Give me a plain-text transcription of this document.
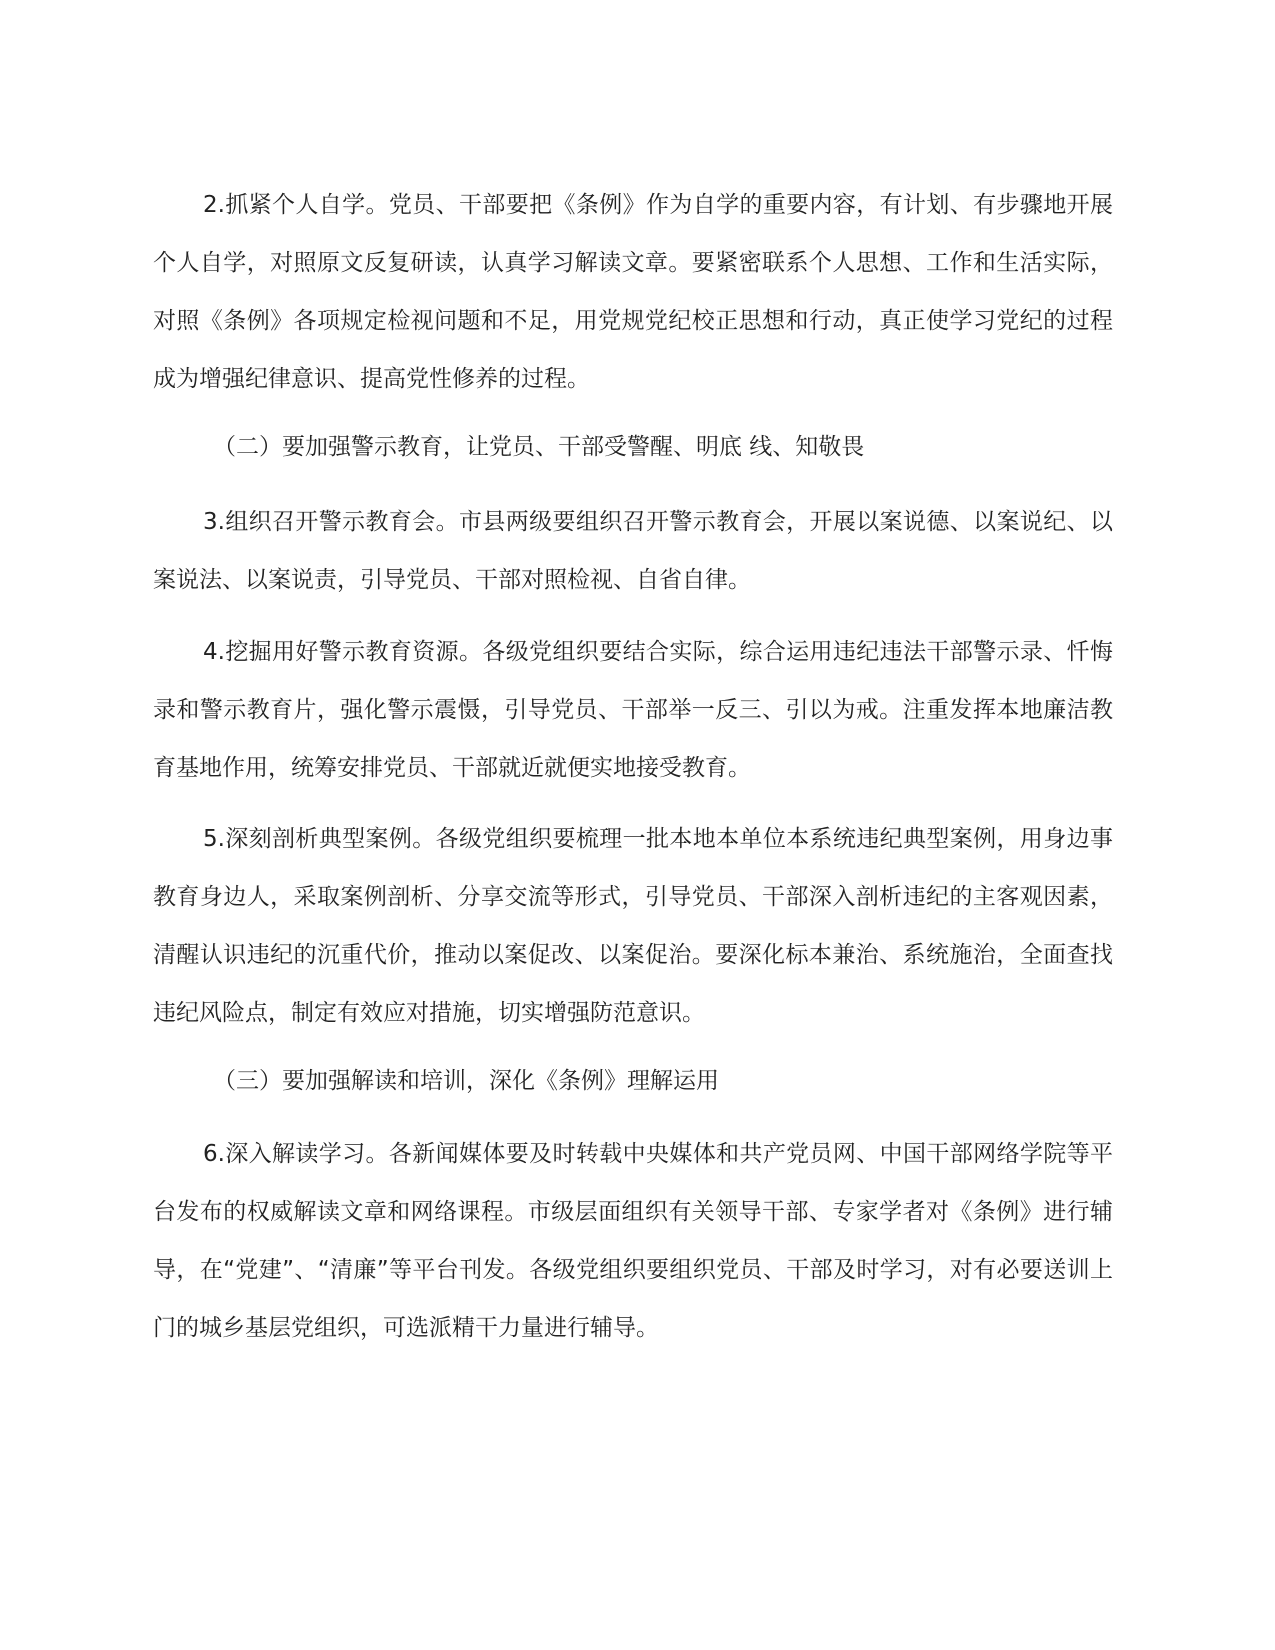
2.抓紧个人自学。党员、干部要把《条例》作为自学的重要内容，有计划、有步骤地开展个人自学，对照原文反复研读，认真学习解读文章。要紧密联系个人思想、工作和生活实际，对照《条例》各项规定检视问题和不足，用党规党纪校正思想和行动，真正使学习党纪的过程成为增强纪律意识、提高党性修养的过程。

（二）要加强警示教育，让党员、干部受警醒、明底 线、知敬畏

3.组织召开警示教育会。市县两级要组织召开警示教育会，开展以案说德、以案说纪、以案说法、以案说责，引导党员、干部对照检视、自省自律。

4.挖掘用好警示教育资源。各级党组织要结合实际，综合运用违纪违法干部警示录、忏悔录和警示教育片，强化警示震慑，引导党员、干部举一反三、引以为戒。注重发挥本地廉洁教育基地作用，统筹安排党员、干部就近就便实地接受教育。

5.深刻剖析典型案例。各级党组织要梳理一批本地本单位本系统违纪典型案例，用身边事教育身边人，采取案例剖析、分享交流等形式，引导党员、干部深入剖析违纪的主客观因素，清醒认识违纪的沉重代价，推动以案促改、以案促治。要深化标本兼治、系统施治，全面查找违纪风险点，制定有效应对措施，切实增强防范意识。

（三）要加强解读和培训，深化《条例》理解运用

6.深入解读学习。各新闻媒体要及时转载中央媒体和共产党员网、中国干部网络学院等平台发布的权威解读文章和网络课程。市级层面组织有关领导干部、专家学者对《条例》进行辅导，在“党建”、“清廉”等平台刊发。各级党组织要组织党员、干部及时学习，对有必要送训上门的城乡基层党组织，可选派精干力量进行辅导。
